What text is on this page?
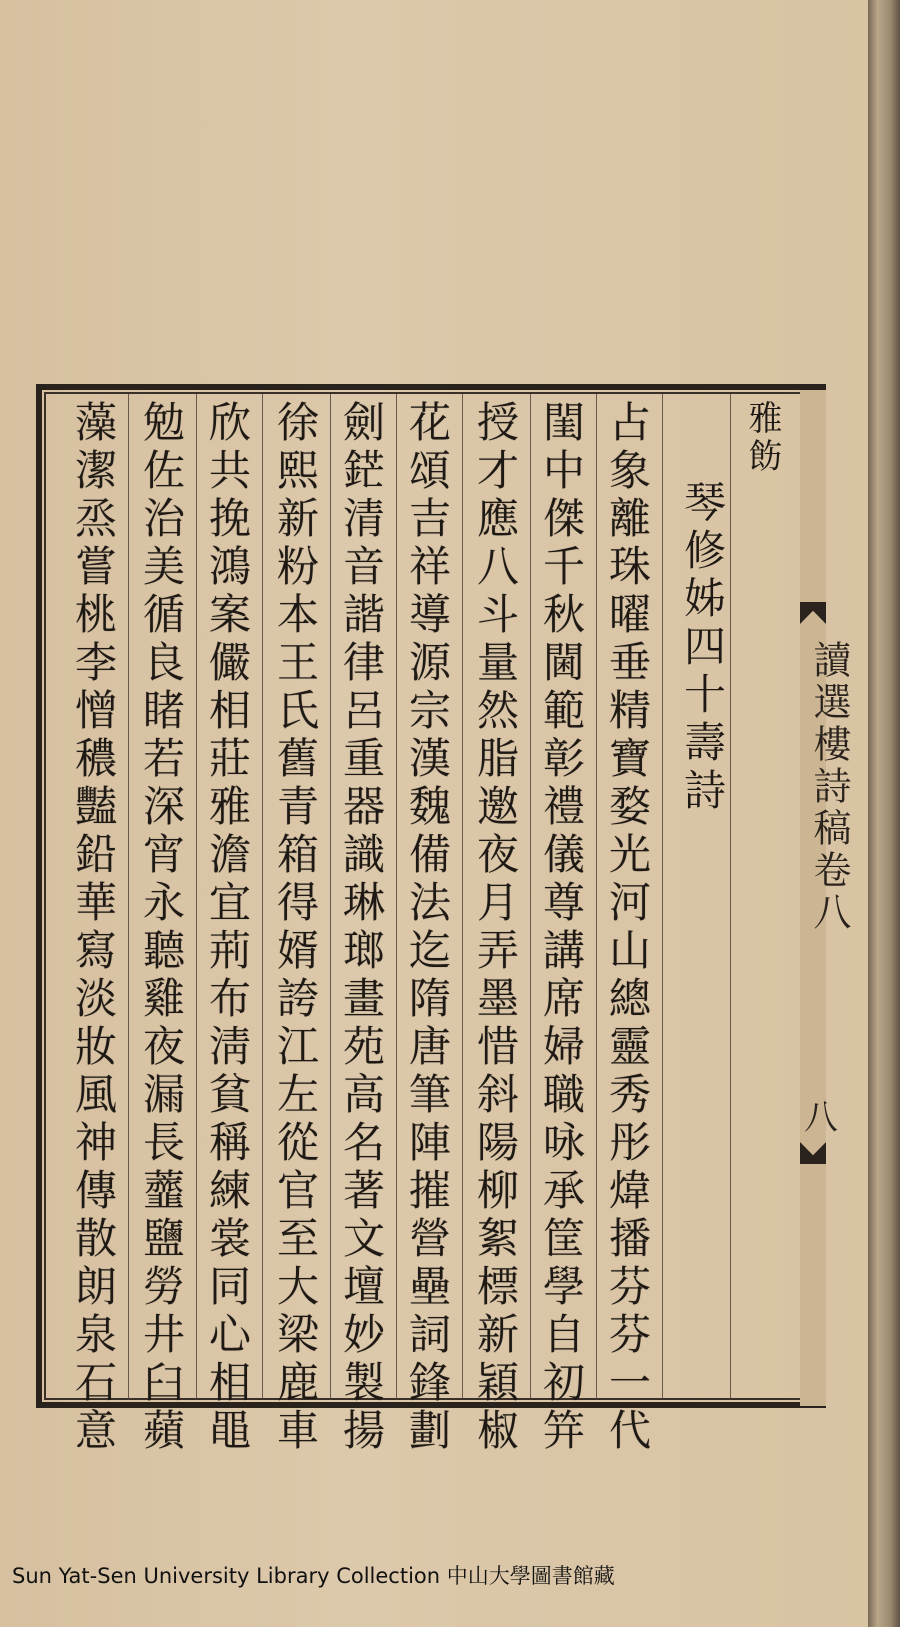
讀選樓詩稿卷八
八
雅飭
琴修姊四十壽詩
占象離珠曜垂精寶婺光河山總靈秀彤煒播芬芬一代
閨中傑千秋閫範彰禮儀尊講席婦職咏承筐學自初笄
授才應八斗量然脂邀夜月弄墨惜斜陽柳絮標新穎椒
花頌吉祥導源宗漢魏備法迄隋唐筆陣摧營壘詞鋒劃
劍鋩清音諧律呂重器識琳瑯畫苑高名著文壇妙製揚
徐熙新粉本王氏舊青箱得婿誇江左從官至大梁鹿車
欣共挽鴻案儼相莊雅澹宜荊布淸貧稱練裳同心相黽
勉佐治美循良睹若深宵永聽雞夜漏長虀鹽勞井臼蘋
藻潔烝嘗桃李憎穠豔鉛華寫淡妝風神傳散朗泉石意
Sun Yat-Sen University Library Collection 中山大學圖書館藏
